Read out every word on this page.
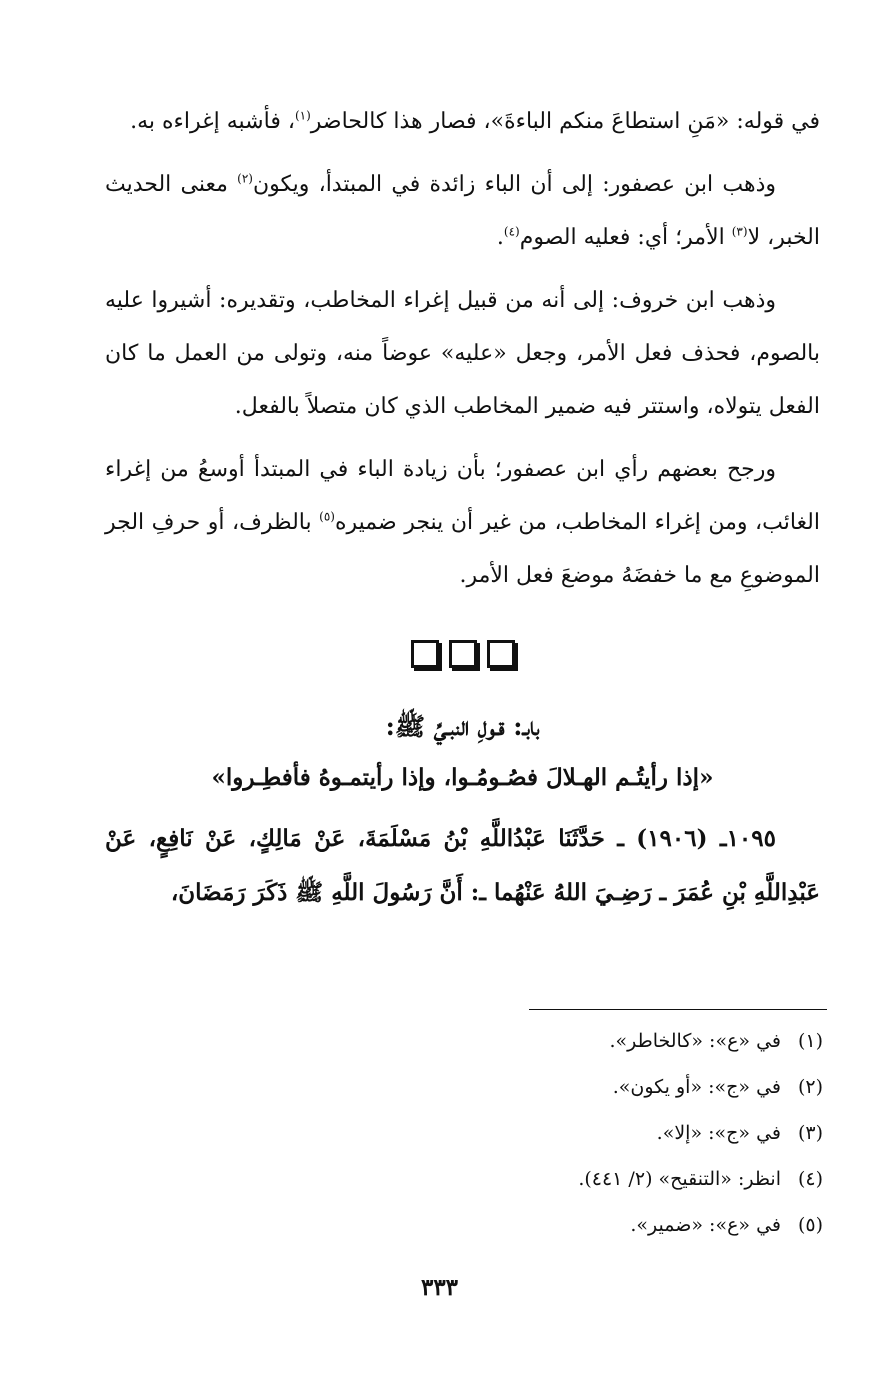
في قوله: «مَنِ استطاعَ منكم الباءةَ»، فصار هذا كالحاضر$^{(١)}$، فأشبه إغراءه به.

وذهب ابن عصفور: إلى أن الباء زائدة في المبتدأ، ويكون$^{(٢)}$ معنى الحديث الخبر، لا$^{(٣)}$ الأمر؛ أي: فعليه الصوم$^{(٤)}$.

وذهب ابن خروف: إلى أنه من قبيل إغراء المخاطب، وتقديره: أشيروا عليه بالصوم، فحذف فعل الأمر، وجعل «عليه» عوضاً منه، وتولى من العمل ما كان الفعل يتولاه، واستتر فيه ضمير المخاطب الذي كان متصلاً بالفعل.

ورجح بعضهم رأي ابن عصفور؛ بأن زيادة الباء في المبتدأ أوسعُ من إغراء الغائب، ومن إغراء المخاطب، من غير أن ينجر ضميره$^{(٥)}$ بالظرف، أو حرفِ الجر الموضوعِ مع ما خفضَهُ موضعَ فعل الأمر.

بابـ: قـولِ النبـيِّ ﷺ:
«إذا رأيتُـم الهـلالَ فصُـومُـوا، وإذا رأيتمـوهُ فأفطِـروا»

١٠٩٥ـ (١٩٠٦) ـ حَدَّثَنَا عَبْدُاللَّهِ بْنُ مَسْلَمَةَ، عَنْ مَالِكٍ، عَنْ نَافِعٍ، عَنْ عَبْدِاللَّهِ بْنِ عُمَرَ ـ رَضِـيَ اللهُ عَنْهُما ـ: أَنَّ رَسُولَ اللَّهِ ﷺ ذَكَرَ رَمَضَانَ،

(١)
في «ع»: «كالخاطر».
(٢)
في «ج»: «أو يكون».
(٣)
في «ج»: «إلا».
(٤)
انظر: «التنقيح» (٢/ ٤٤١).
(٥)
في «ع»: «ضمير».
٣٣٣
